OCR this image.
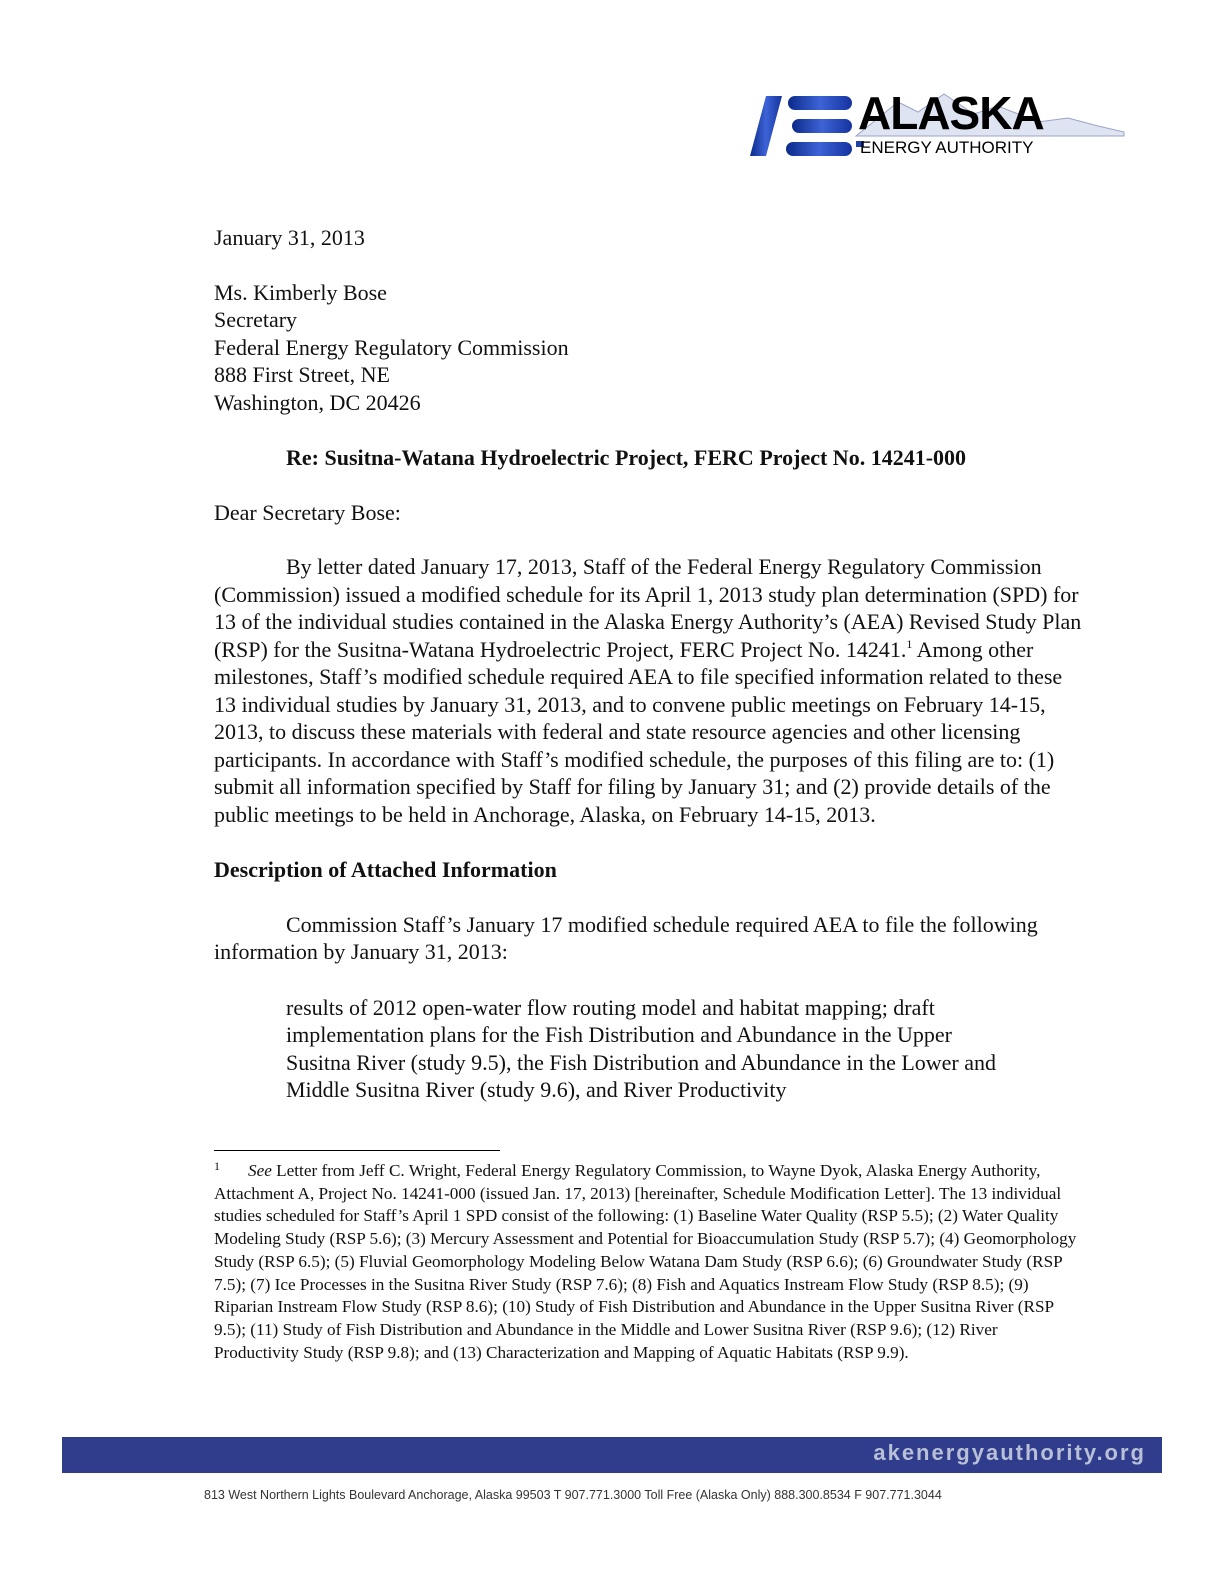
ALASKA
ENERGY AUTHORITY
January 31, 2013
Ms. Kimberly Bose
Secretary
Federal Energy Regulatory Commission
888 First Street, NE
Washington, DC 20426
Re: Susitna-Watana Hydroelectric Project, FERC Project No. 14241-000
Dear Secretary Bose:
By letter dated January 17, 2013, Staff of the Federal Energy Regulatory Commission (Commission) issued a modified schedule for its April 1, 2013 study plan determination (SPD) for 13 of the individual studies contained in the Alaska Energy Authority’s (AEA) Revised Study Plan (RSP) for the Susitna-Watana Hydroelectric Project, FERC Project No. 14241.$^1$ Among other milestones, Staff’s modified schedule required AEA to file specified information related to these 13 individual studies by January 31, 2013, and to convene public meetings on February 14-15, 2013, to discuss these materials with federal and state resource agencies and other licensing participants. In accordance with Staff’s modified schedule, the purposes of this filing are to: (1) submit all information specified by Staff for filing by January 31; and (2) provide details of the public meetings to be held in Anchorage, Alaska, on February 14-15, 2013.
Description of Attached Information
Commission Staff’s January 17 modified schedule required AEA to file the following information by January 31, 2013:
results of 2012 open-water flow routing model and habitat mapping; draft implementation plans for the Fish Distribution and Abundance in the Upper Susitna River (study 9.5), the Fish Distribution and Abundance in the Lower and Middle Susitna River (study 9.6), and River Productivity
1 See Letter from Jeff C. Wright, Federal Energy Regulatory Commission, to Wayne Dyok, Alaska Energy Authority, Attachment A, Project No. 14241-000 (issued Jan. 17, 2013) [hereinafter, Schedule Modification Letter]. The 13 individual studies scheduled for Staff’s April 1 SPD consist of the following: (1) Baseline Water Quality (RSP 5.5); (2) Water Quality Modeling Study (RSP 5.6); (3) Mercury Assessment and Potential for Bioaccumulation Study (RSP 5.7); (4) Geomorphology Study (RSP 6.5); (5) Fluvial Geomorphology Modeling Below Watana Dam Study (RSP 6.6); (6) Groundwater Study (RSP 7.5); (7) Ice Processes in the Susitna River Study (RSP 7.6); (8) Fish and Aquatics Instream Flow Study (RSP 8.5); (9) Riparian Instream Flow Study (RSP 8.6); (10) Study of Fish Distribution and Abundance in the Upper Susitna River (RSP 9.5); (11) Study of Fish Distribution and Abundance in the Middle and Lower Susitna River (RSP 9.6); (12) River Productivity Study (RSP 9.8); and (13) Characterization and Mapping of Aquatic Habitats (RSP 9.9).
akenergyauthority.org
813 West Northern Lights Boulevard Anchorage, Alaska 99503 T 907.771.3000 Toll Free (Alaska Only) 888.300.8534 F 907.771.3044
